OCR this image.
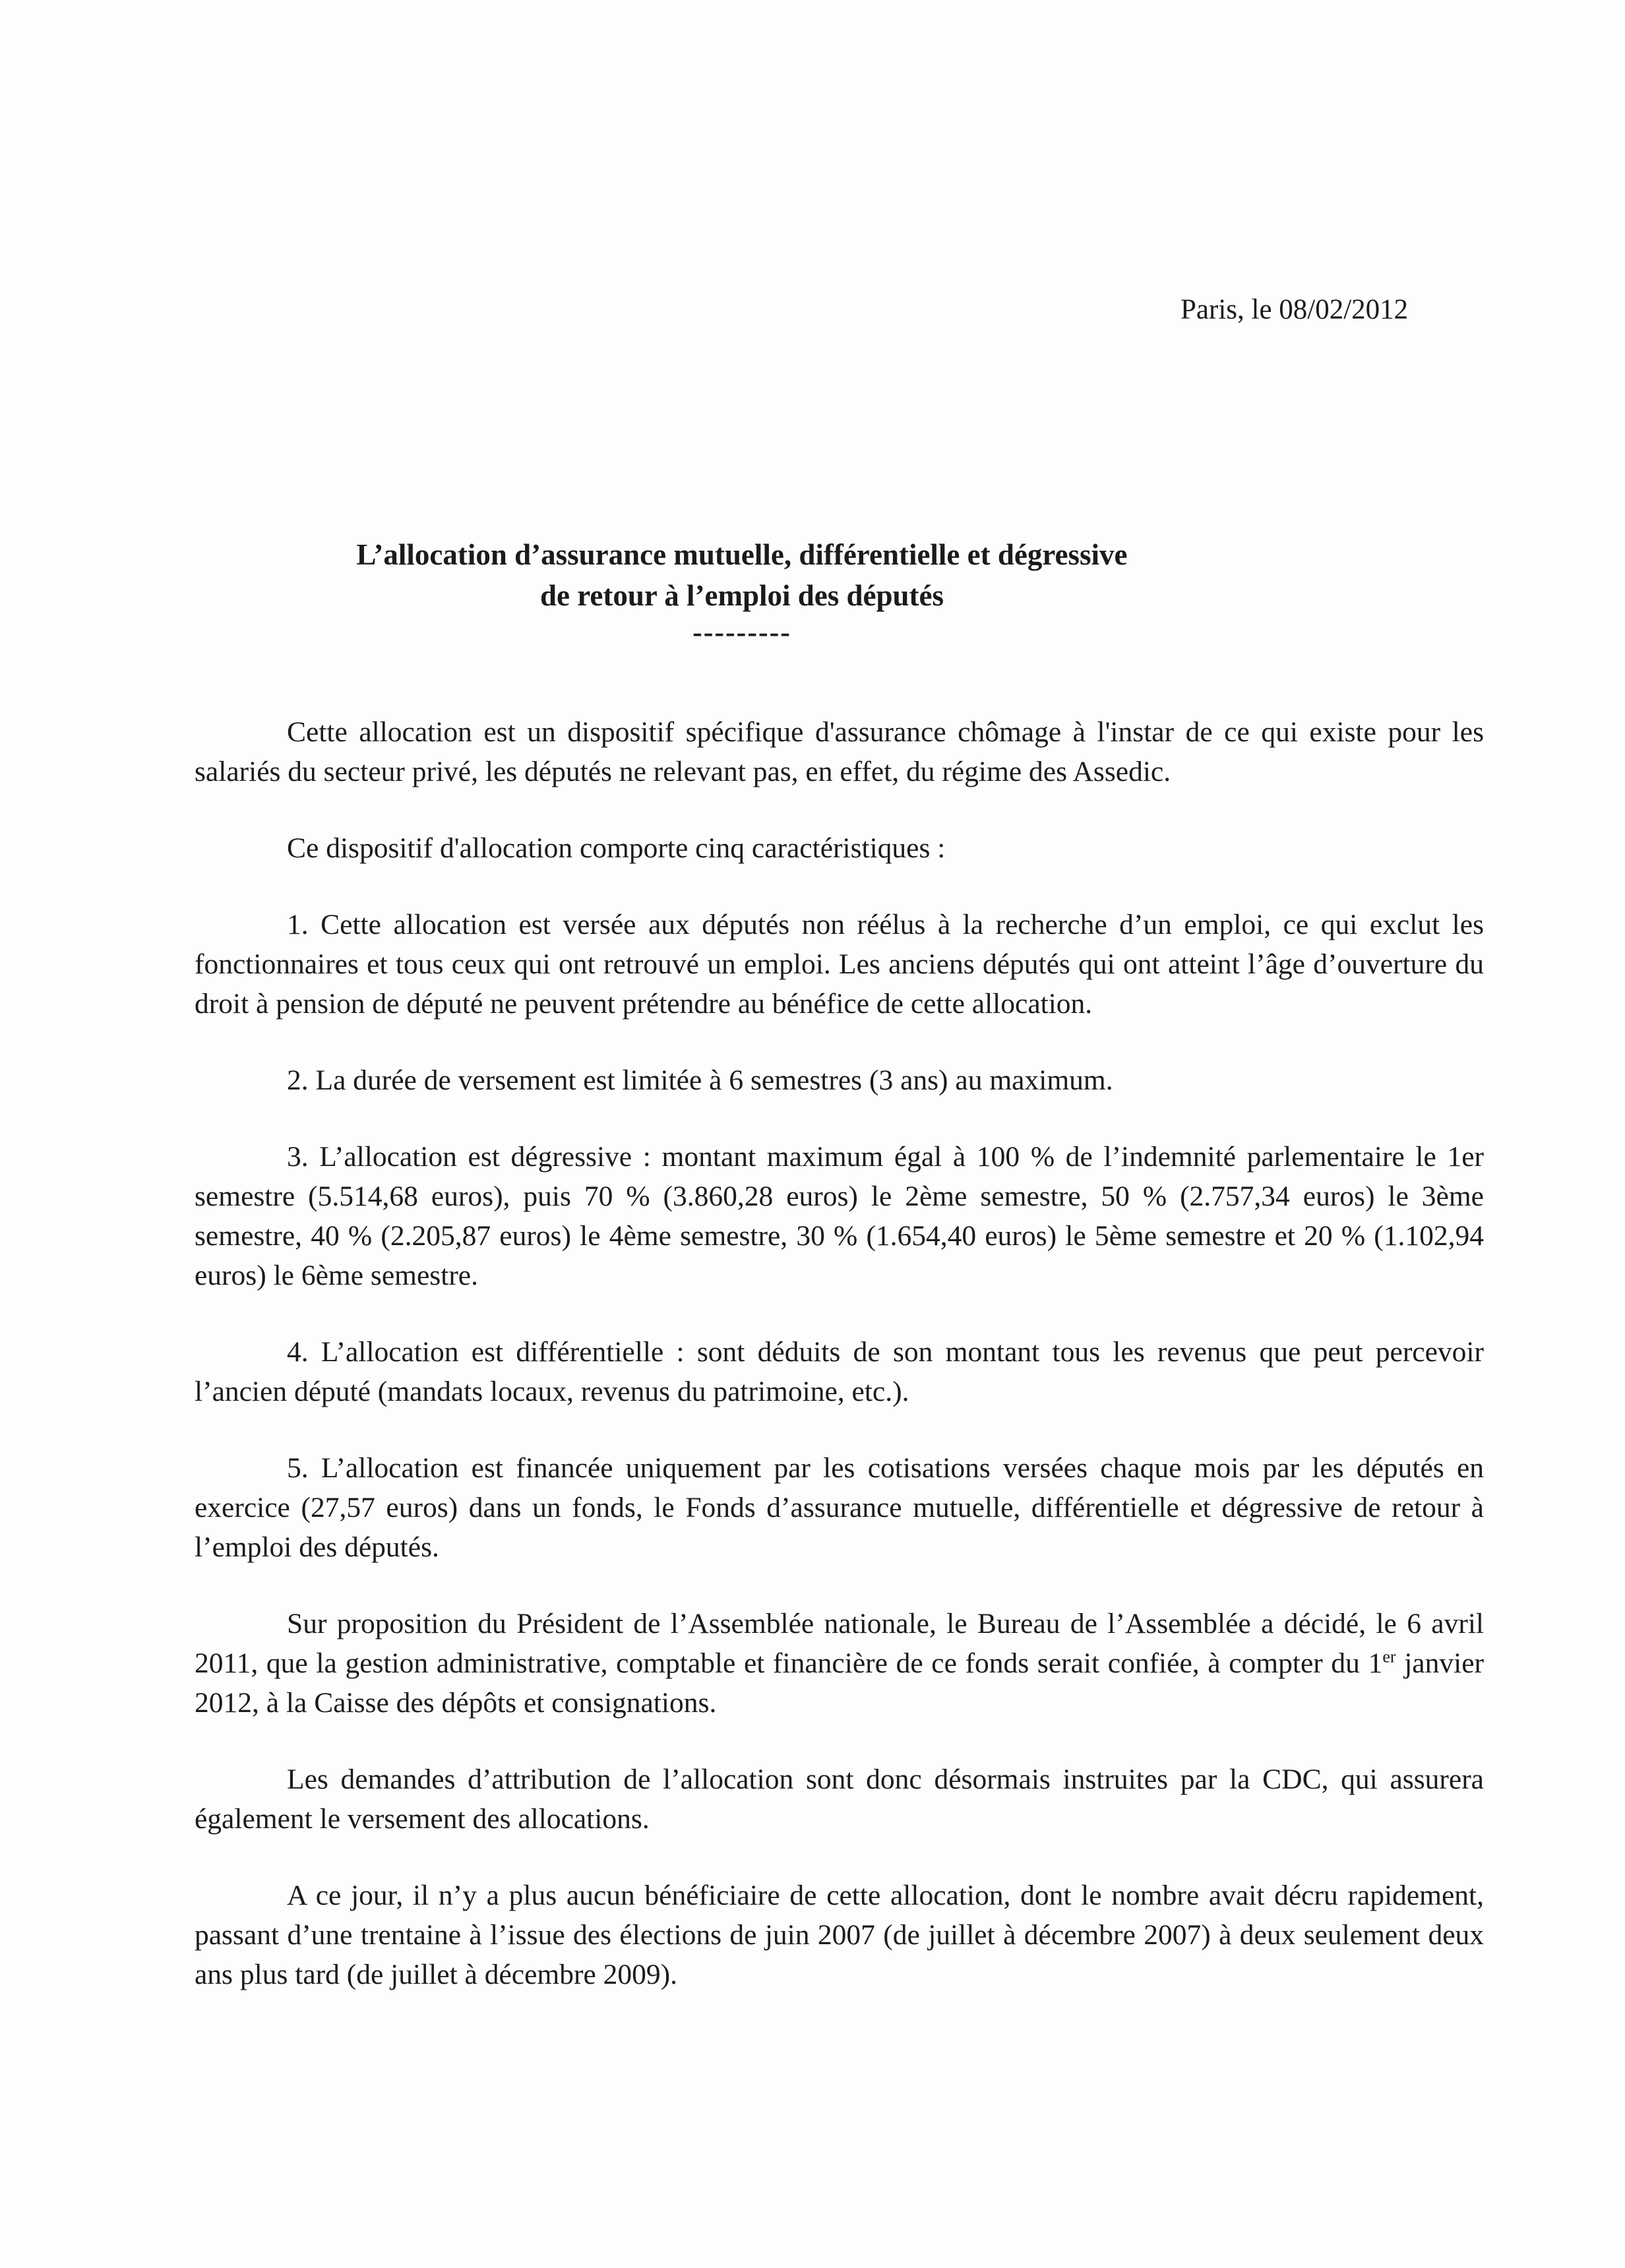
Paris, le 08/02/2012
L’allocation d’assurance mutuelle, différentielle et dégressive
de retour à l’emploi des députés
---------

Cette allocation est un dispositif spécifique d'assurance chômage à l'instar de ce qui existe pour les salariés du secteur privé, les députés ne relevant pas, en effet, du régime des Assedic.

Ce dispositif d'allocation comporte cinq caractéristiques :

1. Cette allocation est versée aux députés non réélus à la recherche d’un emploi, ce qui exclut les fonctionnaires et tous ceux qui ont retrouvé un emploi. Les anciens députés qui ont atteint l’âge d’ouverture du droit à pension de député ne peuvent prétendre au bénéfice de cette allocation.

2. La durée de versement est limitée à 6 semestres (3 ans) au maximum.

3. L’allocation est dégressive : montant maximum égal à 100 % de l’indemnité parlementaire le 1er semestre (5.514,68 euros), puis 70 % (3.860,28 euros) le 2ème semestre, 50 % (2.757,34 euros) le 3ème semestre, 40 % (2.205,87 euros) le 4ème semestre, 30 % (1.654,40 euros) le 5ème semestre et 20 % (1.102,94 euros) le 6ème semestre.

4. L’allocation est différentielle : sont déduits de son montant tous les revenus que peut percevoir l’ancien député (mandats locaux, revenus du patrimoine, etc.).

5. L’allocation est financée uniquement par les cotisations versées chaque mois par les députés en exercice (27,57 euros) dans un fonds, le Fonds d’assurance mutuelle, différentielle et dégressive de retour à l’emploi des députés.

Sur proposition du Président de l’Assemblée nationale, le Bureau de l’Assemblée a décidé, le 6 avril 2011, que la gestion administrative, comptable et financière de ce fonds serait confiée, à compter du 1er janvier 2012, à la Caisse des dépôts et consignations.

Les demandes d’attribution de l’allocation sont donc désormais instruites par la CDC, qui assurera également le versement des allocations.

A ce jour, il n’y a plus aucun bénéficiaire de cette allocation, dont le nombre avait décru rapidement, passant d’une trentaine à l’issue des élections de juin 2007 (de juillet à décembre 2007) à deux seulement deux ans plus tard (de juillet à décembre 2009).
